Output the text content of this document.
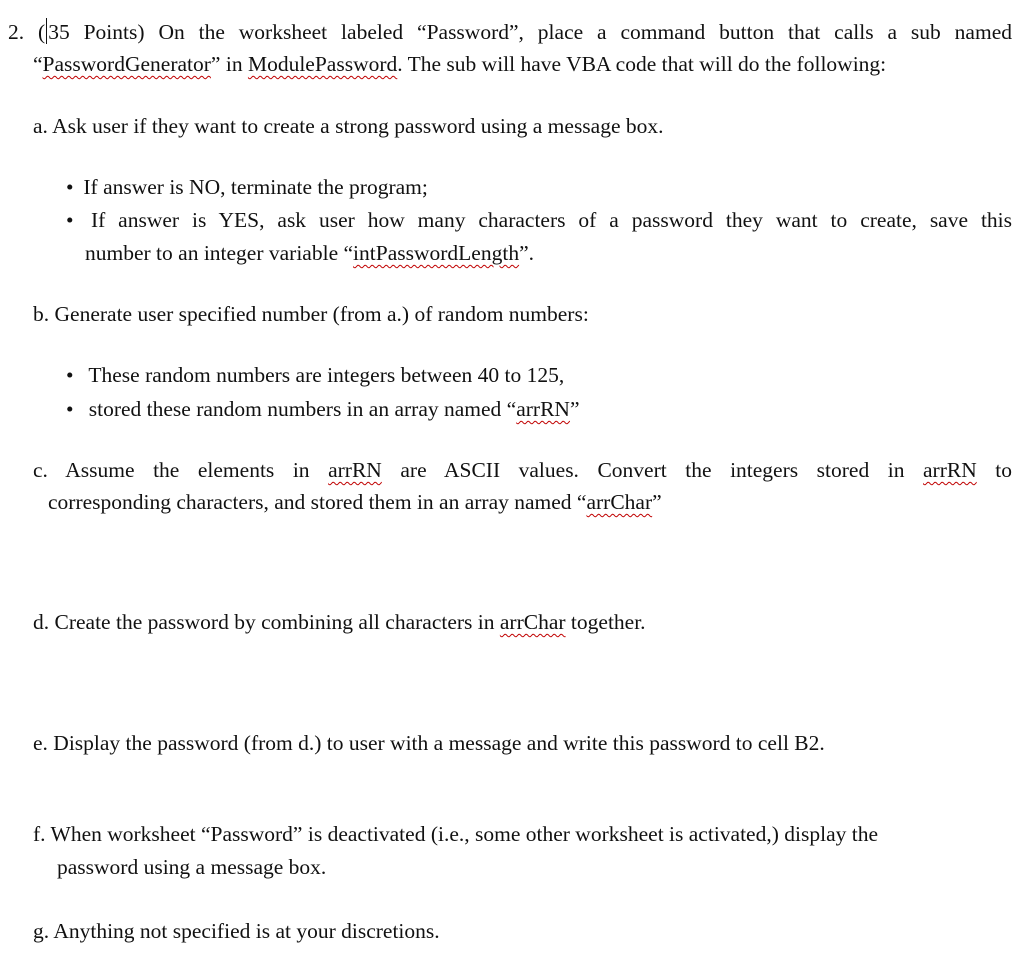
2. ( 35 Points) On the worksheet labeled “Password”, place a command button that calls a sub named
“PasswordGenerator” in ModulePassword. The sub will have VBA code that will do the following:
a. Ask user if they want to create a strong password using a message box.
• If answer is NO, terminate the program;
• If answer is YES, ask user how many characters of a password they want to create, save this
number to an integer variable “intPasswordLength”.
b. Generate user specified number (from a.) of random numbers:
• These random numbers are integers between 40 to 125,
• stored these random numbers in an array named “arrRN”
c. Assume the elements in arrRN are ASCII values. Convert the integers stored in arrRN to
corresponding characters, and stored them in an array named “arrChar”
d. Create the password by combining all characters in arrChar together.
e. Display the password (from d.) to user with a message and write this password to cell B2.
f. When worksheet “Password” is deactivated (i.e., some other worksheet is activated,) display the
password using a message box.
g. Anything not specified is at your discretions.
